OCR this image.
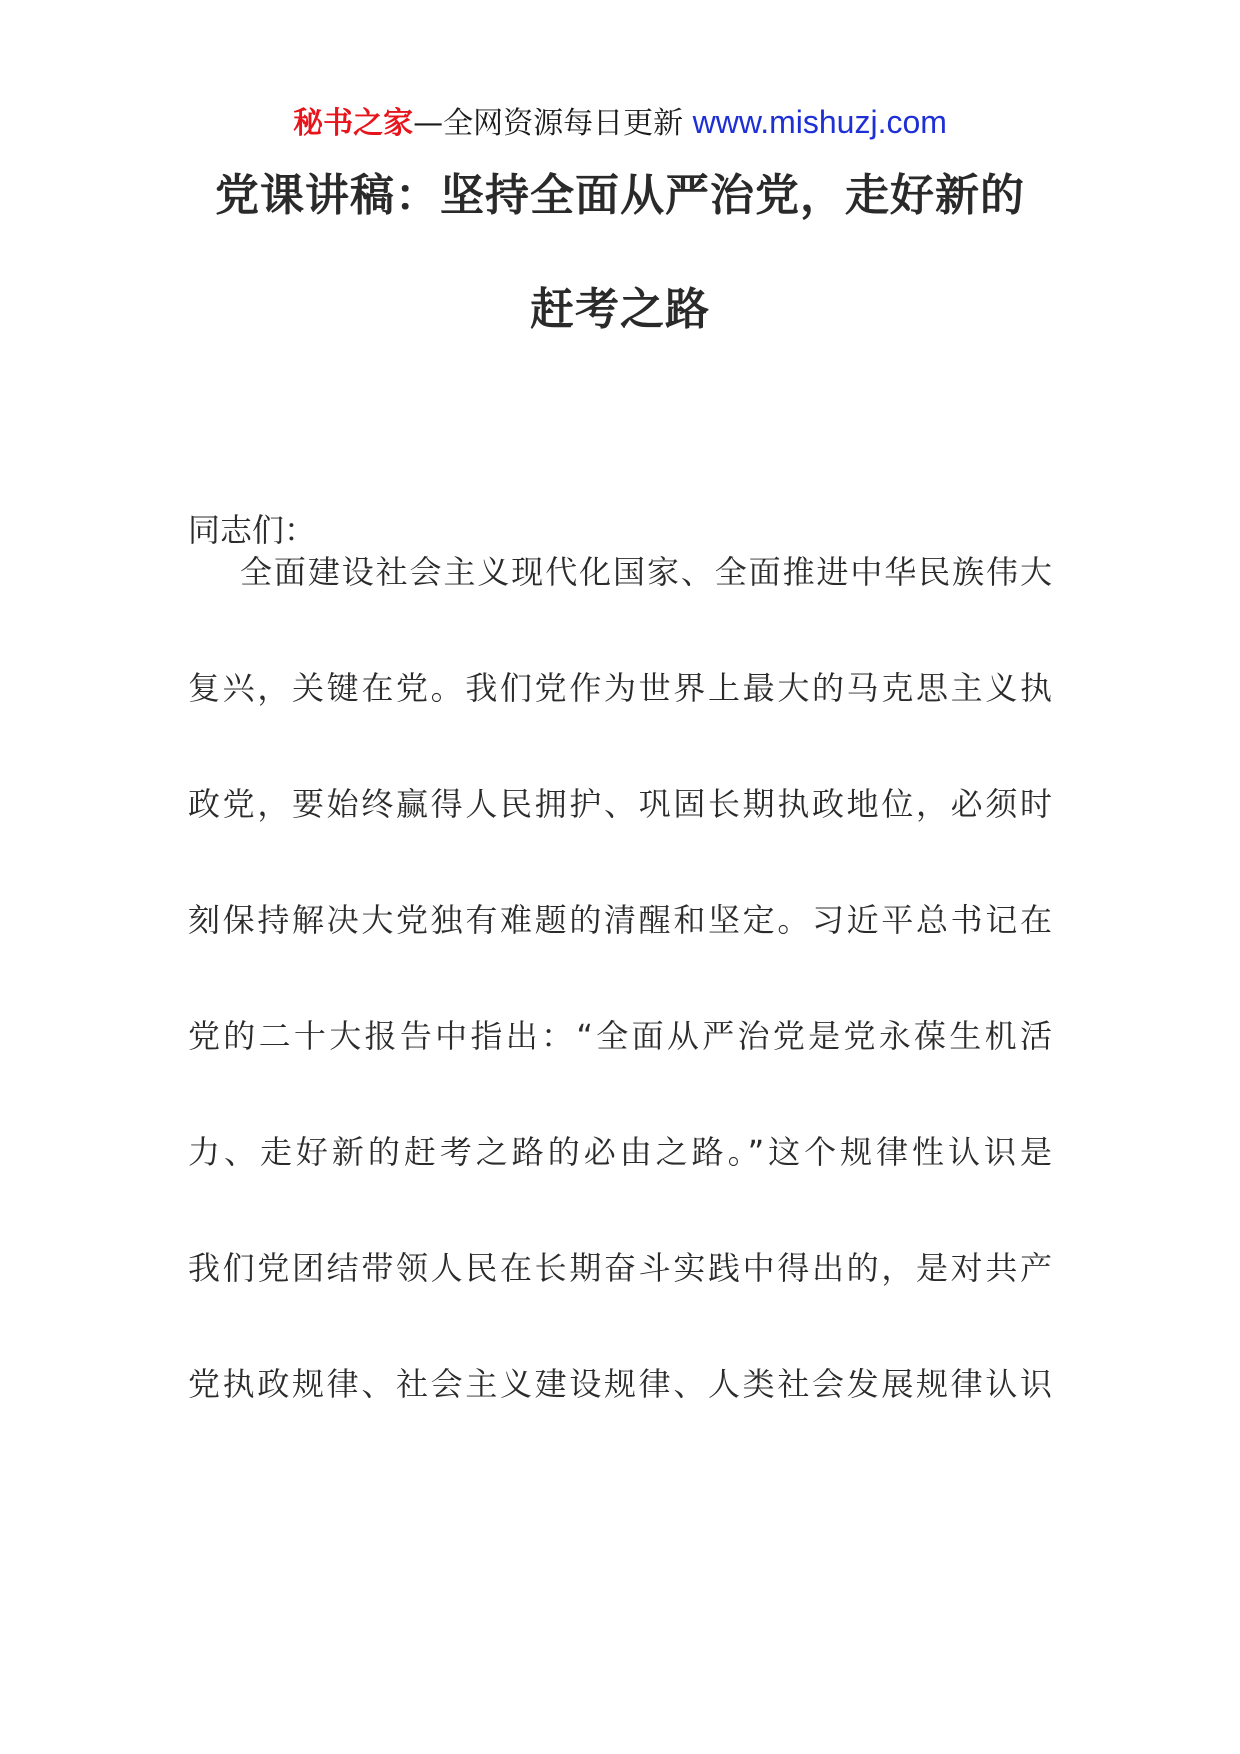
秘书之家—全网资源每日更新 www.mishuzj.com
党课讲稿：坚持全面从严治党，走好新的
赶考之路
同志们：
全面建设社会主义现代化国家、全面推进中华民族伟大
复兴，关键在党。我们党作为世界上最大的马克思主义执
政党，要始终赢得人民拥护、巩固长期执政地位，必须时
刻保持解决大党独有难题的清醒和坚定。习近平总书记在
党的二十大报告中指出：“全面从严治党是党永葆生机活
力、走好新的赶考之路的必由之路。”这个规律性认识是
我们党团结带领人民在长期奋斗实践中得出的，是对共产
党执政规律、社会主义建设规律、人类社会发展规律认识
